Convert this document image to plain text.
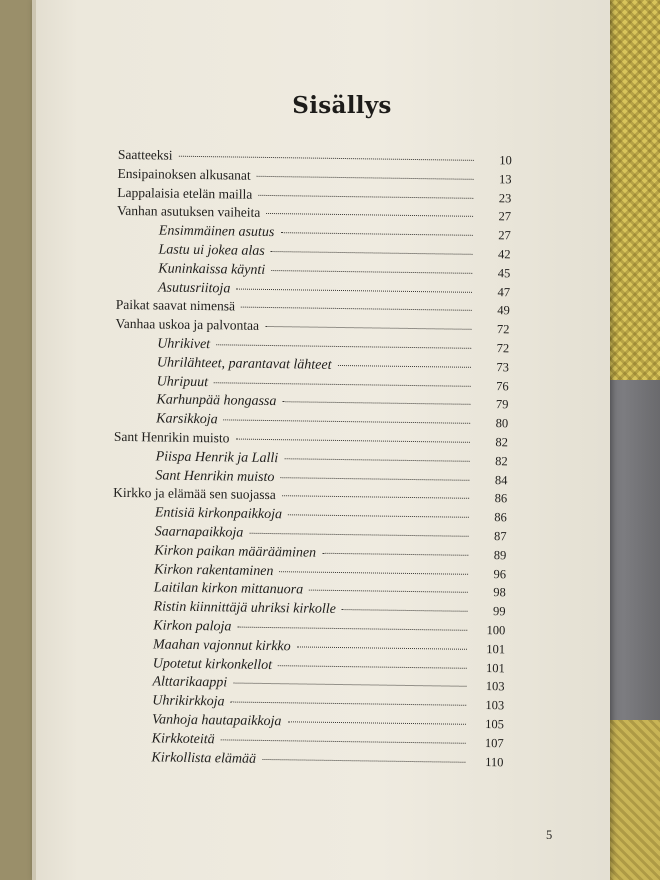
Sisällys
Saatteeksi	10
Ensipainoksen alkusanat	13
Lappalaisia etelän mailla	23
Vanhan asutuksen vaiheita	27
Ensimmäinen asutus	27
Lastu ui jokea alas	42
Kuninkaissa käynti	45
Asutusriitoja	47
Paikat saavat nimensä	49
Vanhaa uskoa ja palvontaa	72
Uhrikivet	72
Uhrilähteet, parantavat lähteet	73
Uhripuut	76
Karhunpää hongassa	79
Karsikkoja	80
Sant Henrikin muisto	82
Piispa Henrik ja Lalli	82
Sant Henrikin muisto	84
Kirkko ja elämää sen suojassa	86
Entisiä kirkonpaikkoja	86
Saarnapaikkoja	87
Kirkon paikan määrääminen	89
Kirkon rakentaminen	96
Laitilan kirkon mittanuora	98
Ristin kiinnittäjä uhriksi kirkolle	99
Kirkon paloja	100
Maahan vajonnut kirkko	101
Upotetut kirkonkellot	101
Alttarikaappi	103
Uhrikirkkoja	103
Vanhoja hautapaikkoja	105
Kirkkoteitä	107
Kirkollista elämää	110
5
